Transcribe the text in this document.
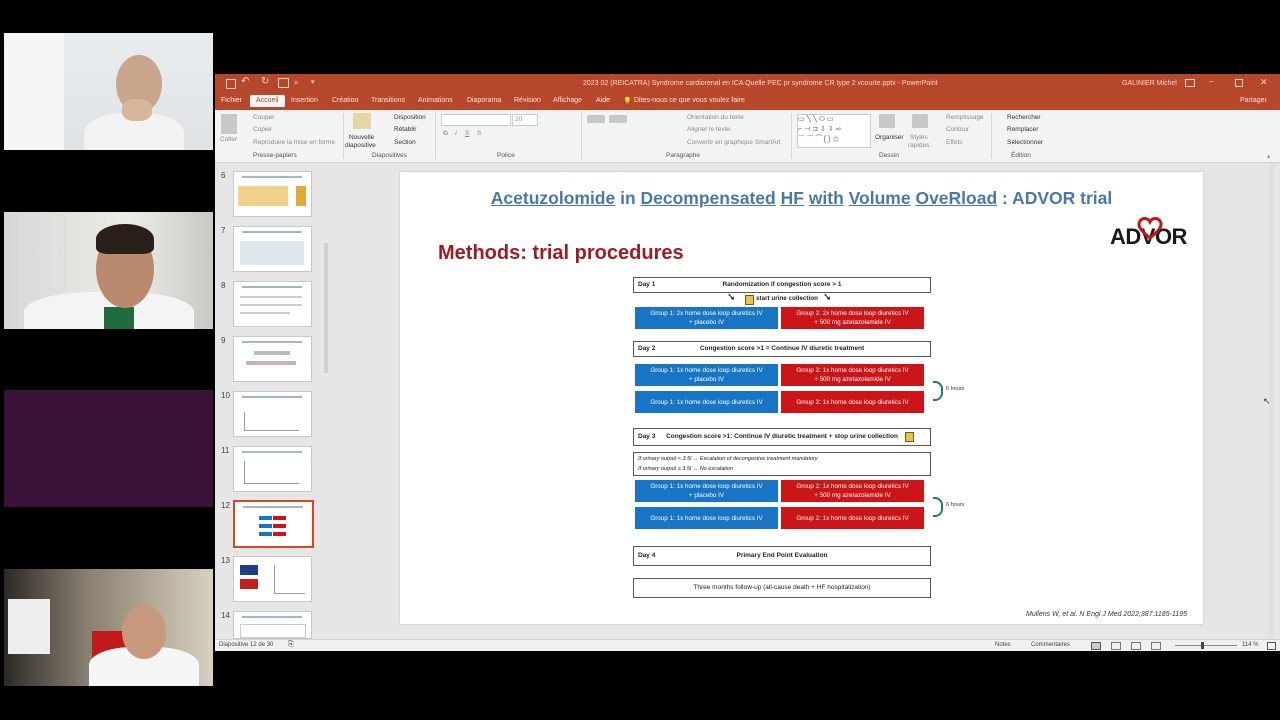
↶ ↻	⌕ ▾	2023 02 (REICATRA) Syndrome cardiorenal en ICA Quelle PEC pr syndrome CR type 2 vcourte.pptx - PowerPoint	GALINIER Michel	–	✕
Fichier	Accueil	Insertion Création Transitions Animations Diaporama Révision Affichage Aide 💡 Dites-nous ce que vous voulez faire	Partager
Coller
Couper
Copier
Reproduire la mise en forme
Presse-papiers
Nouvelle
diapositive
Disposition
Rétablir
Section
Diapositives
20
G I S S
Police
Orientation du texte
Aligner le texte
Convertir en graphique SmartArt
Paragraphe
▭╲╲⬭▭
⌐⊣⊐⇩⇩⇨
⌒⌒⁀{}☆	Organiser Styles
rapides
Remplissage
Contour
Effets
Dessin
Rechercher
Remplacer
Sélectionner
Édition	▴
6
7
8
9
10
11
12
13
14
Acetuzolomide in Decompensated HF with Volume OveRload : ADVOR trial
Methods: trial procedures
ADVOR
Day 1	Randomization if congestion score > 1
➘	start urine collection ➘
Group 1: 2x home dose loop diuretics IV
+ placebo IV
Group 2: 2x home dose loop diuretics IV
+ 500 mg azetazolamide IV
Day 2	Congestion score >1 = Continue IV diuretic treatment
Group 1: 1x home dose loop diuretics IV
+ placebo IV
Group 2: 1x home dose loop diuretics IV
+ 500 mg azetazolamide IV
Group 1: 1x home dose loop diuretics IV	Group 2: 1x home dose loop diuretics IV
6 hours
Day 3	Congestion score >1: Continue IV diuretic treatment + stop urine collection
If urinary output < 3.5l → Escalation of decongestive treatment mandatory
If urinary output ≥ 3.5l → No escalation
Group 1: 1x home dose loop diuretics IV
+ placebo IV
Group 2: 1x home dose loop diuretics IV
+ 500 mg azetazolamide IV
Group 1: 1x home dose loop diuretics IV	Group 2: 1x home dose loop diuretics IV
6 hours
Day 4	Primary End Point Evaluation
Three months follow-up (all-cause death + HF hospitalization)
Mullens W, et al. N Engl J Med 2022;387:1185-1195
↖
Diapositive 12 de 30 ⎘	Notes	Commentaires	114 %
